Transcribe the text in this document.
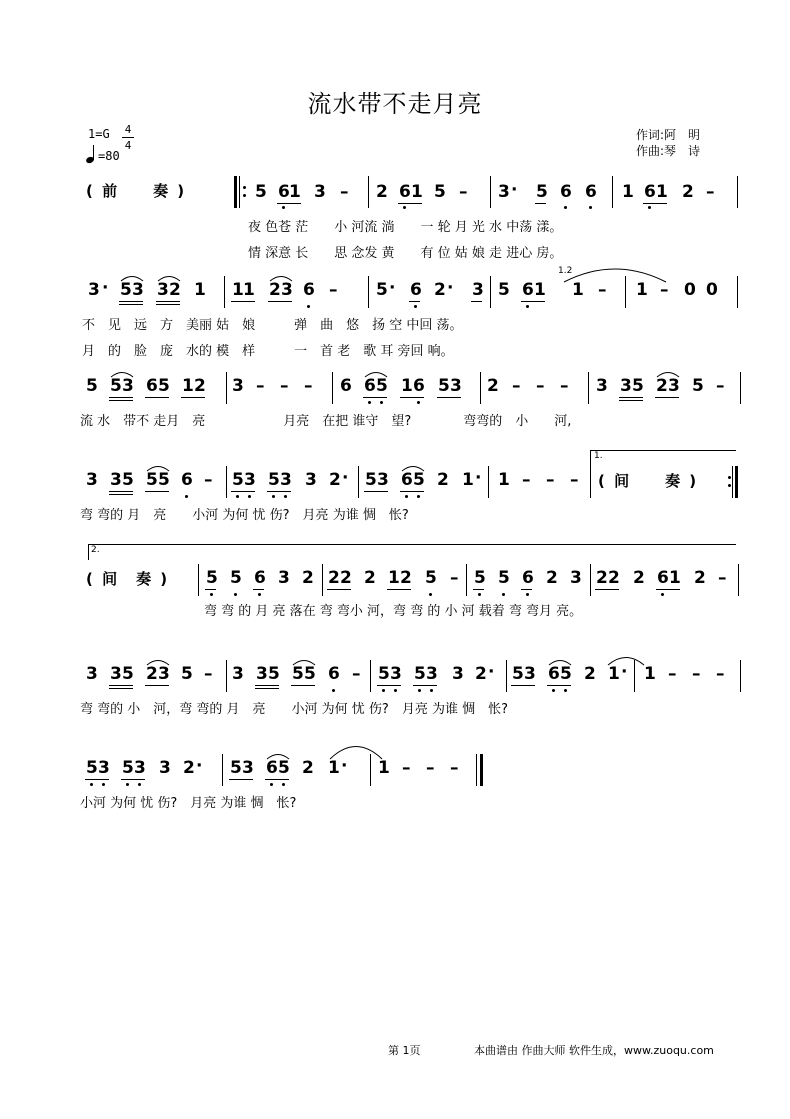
流水带不走月亮
1=G 4
4
=80
作词:阿　明
作曲:琴　诗
( 前　　奏 )	5 6 1 3 – 2 6 1 5 – 3 · 5 6 6 1 6 1 2 –
夜 色苍 茫　　小 河流 淌　　一 轮 月 光 水 中荡 漾。
情 深意 长　　思 念发 黄　　有 位 姑 娘 走 进心 房。
3 · 5 3 3 2 1 1 1 2 3 6 – 5 · 6 2 · 3 5 6 1
1.2
1 – 1 – 0 0
不　见　远　方　美丽 姑　娘　　　弹　曲　悠　扬 空 中回 荡。
月　的　脸　庞　水的 模　样　　　一　首 老　歌 耳 旁回 响。
5 5 3 6 5 1 2 3 – – – 6 6 5 1 6 5 3 2 – – – 3 3 5 2 3 5 –
流 水　带不 走月　亮　　　　　　月亮　在把 谁守　望?　　　　弯弯的　小　　河,
3 3 5 5 5 6 – 5 3 5 3 3 2 · 5 3 6 5 2 1 · 1 – – –
1.
( 间　　奏 )
弯 弯的 月　亮　　小河 为何 忧 伤?　月亮 为谁 惆　怅?
2.
( 间　奏 ) 5 5 6 3 2 2 2 2 1 2 5 – 5 5 6 2 3 2 2 2 6 1 2 –
弯 弯 的 月 亮 落在 弯 弯小 河，弯 弯 的 小 河 载着 弯 弯月 亮。
3 3 5 2 3 5 – 3 3 5 5 5 6 – 5 3 5 3 3 2 · 5 3 6 5 2 1 · 1 – – –
弯 弯的 小　河，弯 弯的 月　亮　　小河 为何 忧 伤?　月亮 为谁 惆　怅?
5 3 5 3 3 2 · 5 3 6 5 2 1 · 1 – – –
小河 为何 忧 伤?　月亮 为谁 惆　怅?
第 1页	本曲谱由 作曲大师 软件生成，www.zuoqu.com
